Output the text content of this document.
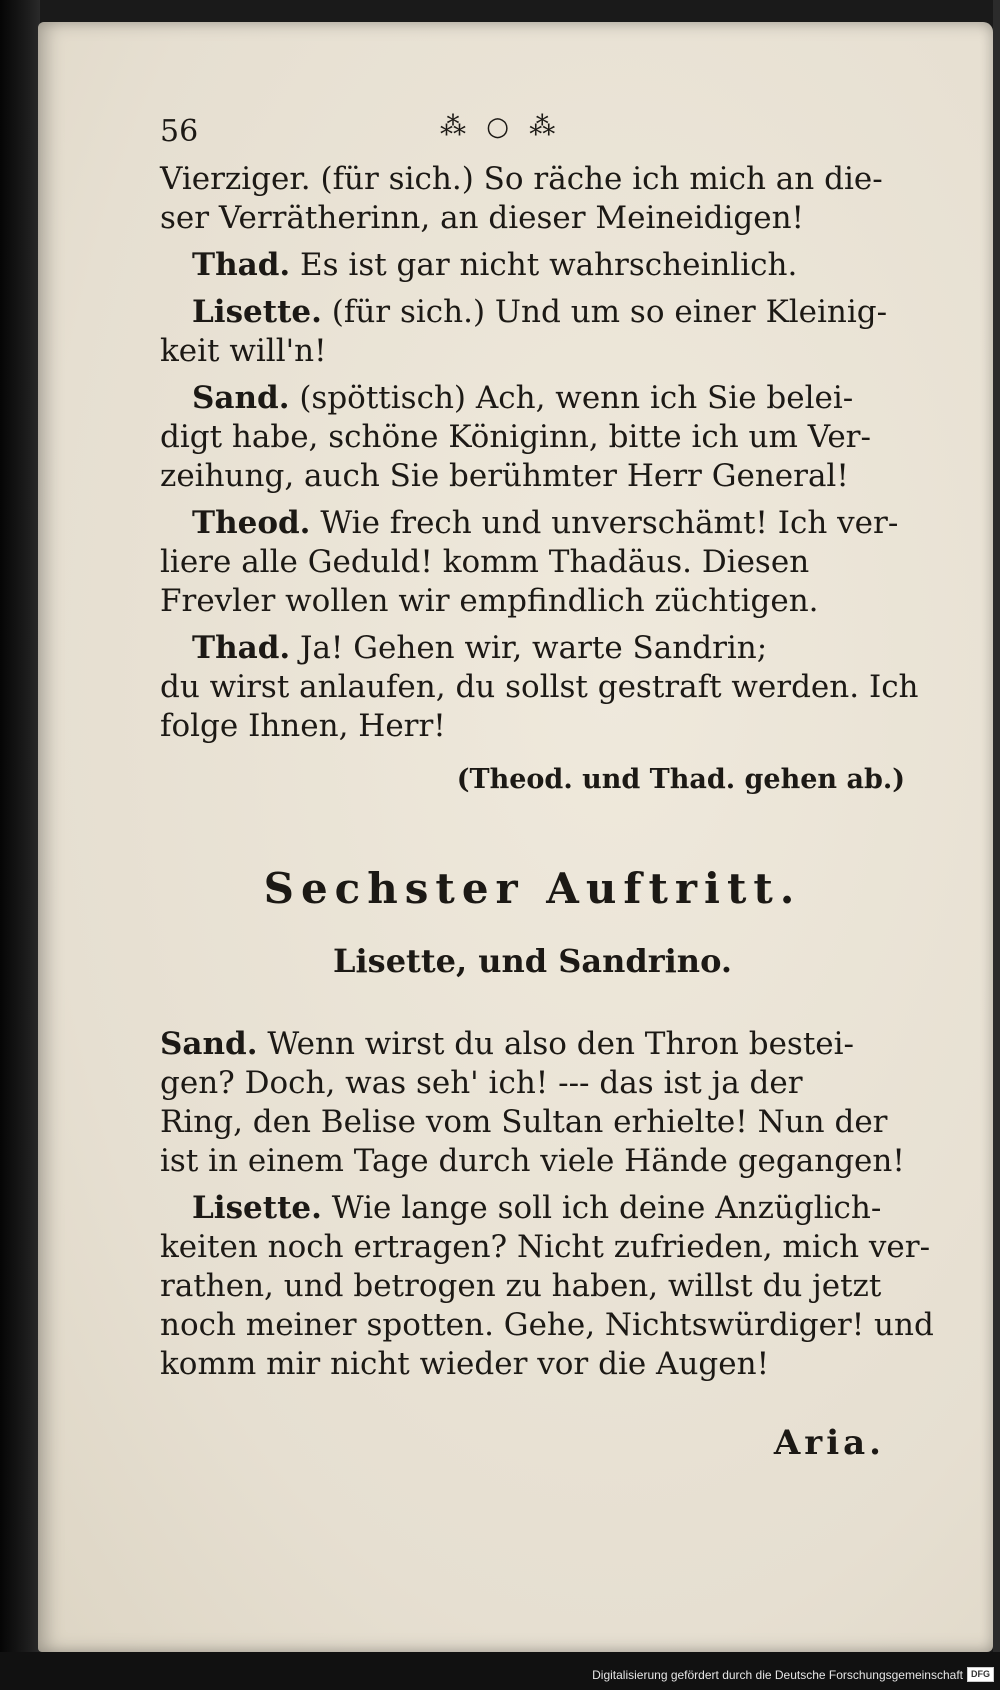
56	⁂ ○ ⁂
Vierziger. (für sich.) So räche ich mich an die-
ser Verrätherinn, an dieser Meineidigen!
Thad. Es ist gar nicht wahrscheinlich.
Lisette. (für sich.) Und um so einer Kleinig-
keit will'n!
Sand. (spöttisch) Ach, wenn ich Sie belei-
digt habe, schöne Königinn, bitte ich um Ver-
zeihung, auch Sie berühmter Herr General!
Theod. Wie frech und unverschämt! Ich ver-
liere alle Geduld! komm Thadäus. Diesen
Frevler wollen wir empfindlich züchtigen.
Thad. Ja! Gehen wir, warte Sandrin;
du wirst anlaufen, du sollst gestraft werden. Ich
folge Ihnen, Herr!
(Theod. und Thad. gehen ab.)
Sechster Auftritt.
Lisette, und Sandrino.
Sand. Wenn wirst du also den Thron bestei-
gen? Doch, was seh' ich! --- das ist ja der
Ring, den Belise vom Sultan erhielte! Nun der
ist in einem Tage durch viele Hände gegangen!
Lisette. Wie lange soll ich deine Anzüglich-
keiten noch ertragen? Nicht zufrieden, mich ver-
rathen, und betrogen zu haben, willst du jetzt
noch meiner spotten. Gehe, Nichtswürdiger! und
komm mir nicht wieder vor die Augen!
Aria.
Digitalisierung gefördert durch die Deutsche Forschungsgemeinschaft DFG
